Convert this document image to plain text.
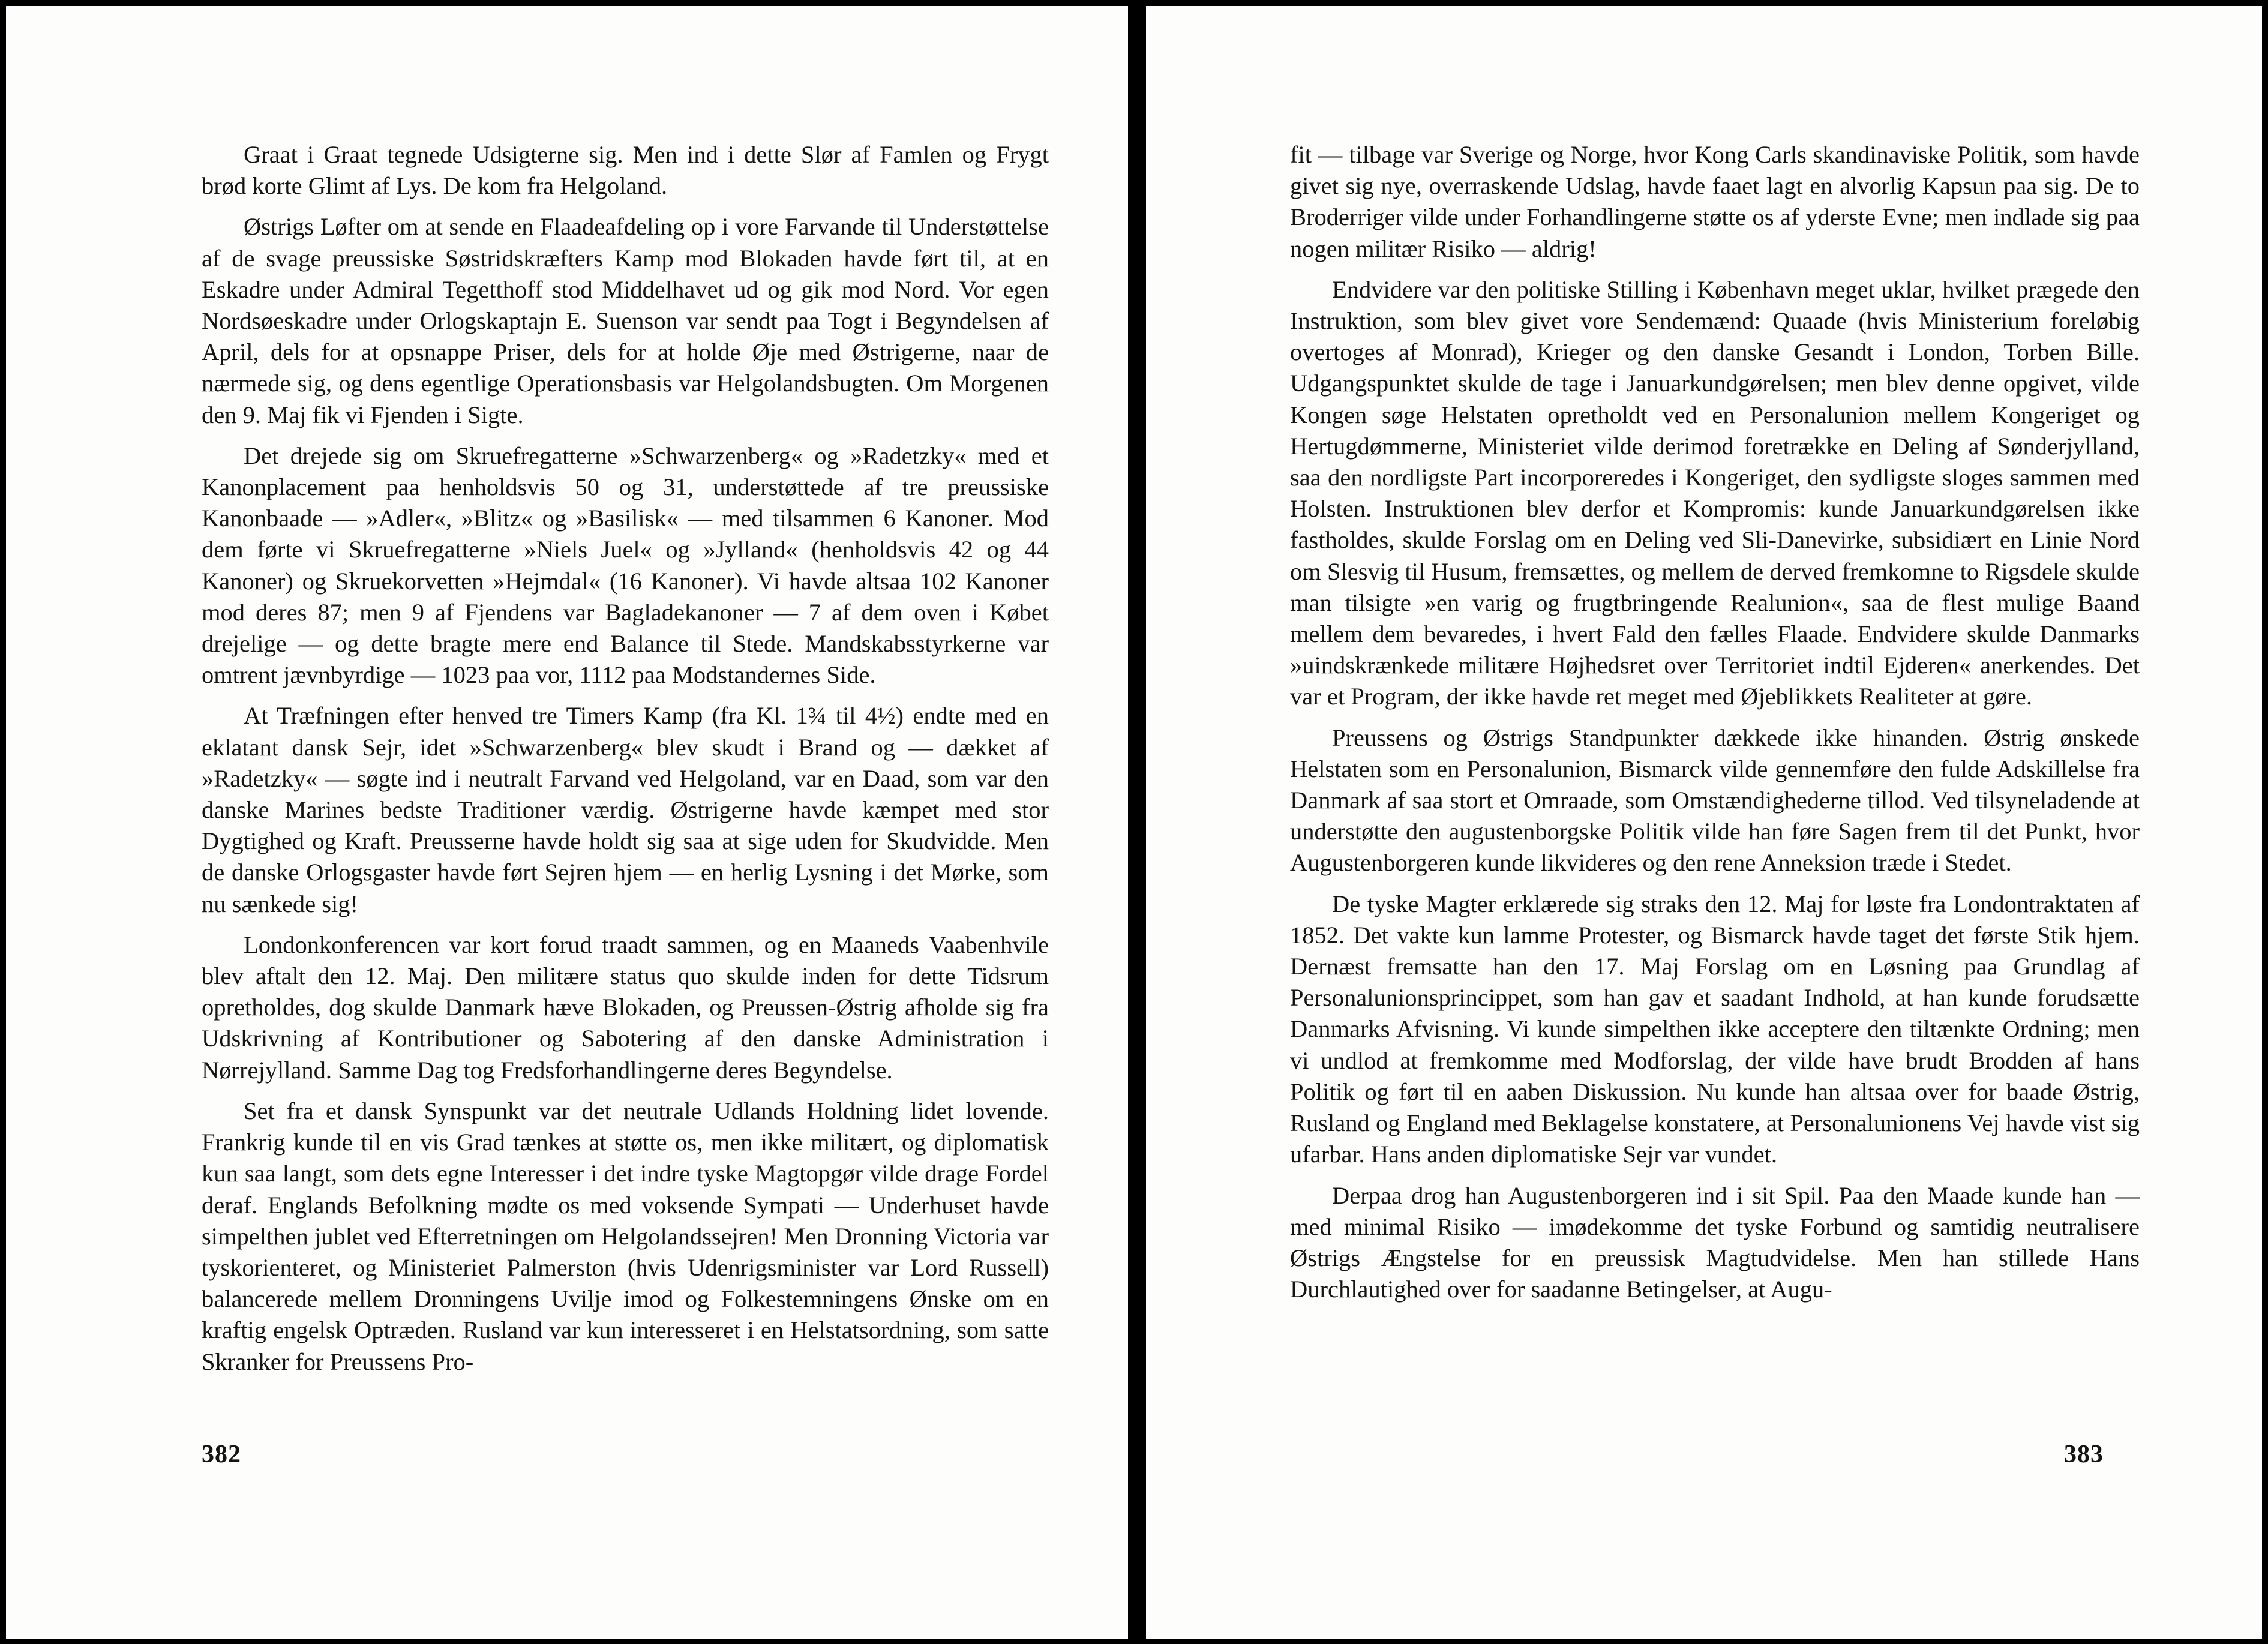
Graat i Graat tegnede Udsigterne sig. Men ind i dette Slør af Famlen og Frygt brød korte Glimt af Lys. De kom fra Helgoland.

Østrigs Løfter om at sende en Flaadeafdeling op i vore Farvande til Understøttelse af de svage preussiske Søstridskræfters Kamp mod Blokaden havde ført til, at en Eskadre under Admiral Tegetthoff stod Middelhavet ud og gik mod Nord. Vor egen Nordsøeskadre under Orlogskaptajn E. Suenson var sendt paa Togt i Begyndelsen af April, dels for at opsnappe Priser, dels for at holde Øje med Østrigerne, naar de nærmede sig, og dens egentlige Operationsbasis var Helgolandsbugten. Om Morgenen den 9. Maj fik vi Fjenden i Sigte.

Det drejede sig om Skruefregatterne »Schwarzenberg« og »Radetzky« med et Kanonplacement paa henholdsvis 50 og 31, understøttede af tre preussiske Kanonbaade — »Adler«, »Blitz« og »Basilisk« — med tilsammen 6 Kanoner. Mod dem førte vi Skruefregatterne »Niels Juel« og »Jylland« (henholdsvis 42 og 44 Kanoner) og Skruekorvetten »Hejmdal« (16 Kanoner). Vi havde altsaa 102 Kanoner mod deres 87; men 9 af Fjendens var Bagladekanoner — 7 af dem oven i Købet drejelige — og dette bragte mere end Balance til Stede. Mandskabsstyrkerne var omtrent jævnbyrdige — 1023 paa vor, 1112 paa Modstandernes Side.

At Træfningen efter henved tre Timers Kamp (fra Kl. 1¾ til 4½) endte med en eklatant dansk Sejr, idet »Schwarzenberg« blev skudt i Brand og — dækket af »Radetzky« — søgte ind i neutralt Farvand ved Helgoland, var en Daad, som var den danske Marines bedste Traditioner værdig. Østrigerne havde kæmpet med stor Dygtighed og Kraft. Preusserne havde holdt sig saa at sige uden for Skudvidde. Men de danske Orlogsgaster havde ført Sejren hjem — en herlig Lysning i det Mørke, som nu sænkede sig!

Londonkonferencen var kort forud traadt sammen, og en Maaneds Vaabenhvile blev aftalt den 12. Maj. Den militære status quo skulde inden for dette Tidsrum opretholdes, dog skulde Danmark hæve Blokaden, og Preussen-Østrig afholde sig fra Udskrivning af Kontributioner og Sabotering af den danske Administration i Nørrejylland. Samme Dag tog Fredsforhandlingerne deres Begyndelse.

Set fra et dansk Synspunkt var det neutrale Udlands Holdning lidet lovende. Frankrig kunde til en vis Grad tænkes at støtte os, men ikke militært, og diplomatisk kun saa langt, som dets egne Interesser i det indre tyske Magtopgør vilde drage Fordel deraf. Englands Befolkning mødte os med voksende Sympati — Underhuset havde simpelthen jublet ved Efterretningen om Helgolandssejren! Men Dronning Victoria var tyskorienteret, og Ministeriet Palmerston (hvis Udenrigsminister var Lord Russell) balancerede mellem Dronningens Uvilje imod og Folkestemningens Ønske om en kraftig engelsk Optræden. Rusland var kun interesseret i en Helstatsordning, som satte Skranker for Preussens Pro-

382

fit — tilbage var Sverige og Norge, hvor Kong Carls skandinaviske Politik, som havde givet sig nye, overraskende Udslag, havde faaet lagt en alvorlig Kapsun paa sig. De to Broderriger vilde under Forhandlingerne støtte os af yderste Evne; men indlade sig paa nogen militær Risiko — aldrig!

Endvidere var den politiske Stilling i København meget uklar, hvilket prægede den Instruktion, som blev givet vore Sendemænd: Quaade (hvis Ministerium foreløbig overtoges af Monrad), Krieger og den danske Gesandt i London, Torben Bille. Udgangspunktet skulde de tage i Januarkundgørelsen; men blev denne opgivet, vilde Kongen søge Helstaten opretholdt ved en Personalunion mellem Kongeriget og Hertugdømmerne, Ministeriet vilde derimod foretrække en Deling af Sønderjylland, saa den nordligste Part incorporeredes i Kongeriget, den sydligste sloges sammen med Holsten. Instruktionen blev derfor et Kompromis: kunde Januarkundgørelsen ikke fastholdes, skulde Forslag om en Deling ved Sli-Danevirke, subsidiært en Linie Nord om Slesvig til Husum, fremsættes, og mellem de derved fremkomne to Rigsdele skulde man tilsigte »en varig og frugtbringende Realunion«, saa de flest mulige Baand mellem dem bevaredes, i hvert Fald den fælles Flaade. Endvidere skulde Danmarks »uindskrænkede militære Højhedsret over Territoriet indtil Ejderen« anerkendes. Det var et Program, der ikke havde ret meget med Øjeblikkets Realiteter at gøre.

Preussens og Østrigs Standpunkter dækkede ikke hinanden. Østrig ønskede Helstaten som en Personalunion, Bismarck vilde gennemføre den fulde Adskillelse fra Danmark af saa stort et Omraade, som Omstændighederne tillod. Ved tilsyneladende at understøtte den augustenborgske Politik vilde han føre Sagen frem til det Punkt, hvor Augustenborgeren kunde likvideres og den rene Anneksion træde i Stedet.

De tyske Magter erklærede sig straks den 12. Maj for løste fra Londontraktaten af 1852. Det vakte kun lamme Protester, og Bismarck havde taget det første Stik hjem. Dernæst fremsatte han den 17. Maj Forslag om en Løsning paa Grundlag af Personalunionsprincippet, som han gav et saadant Indhold, at han kunde forudsætte Danmarks Afvisning. Vi kunde simpelthen ikke acceptere den tiltænkte Ordning; men vi undlod at fremkomme med Modforslag, der vilde have brudt Brodden af hans Politik og ført til en aaben Diskussion. Nu kunde han altsaa over for baade Østrig, Rusland og England med Beklagelse konstatere, at Personalunionens Vej havde vist sig ufarbar. Hans anden diplomatiske Sejr var vundet.

Derpaa drog han Augustenborgeren ind i sit Spil. Paa den Maade kunde han — med minimal Risiko — imødekomme det tyske Forbund og samtidig neutralisere Østrigs Ængstelse for en preussisk Magtudvidelse. Men han stillede Hans Durchlautighed over for saadanne Betingelser, at Augu-

383
